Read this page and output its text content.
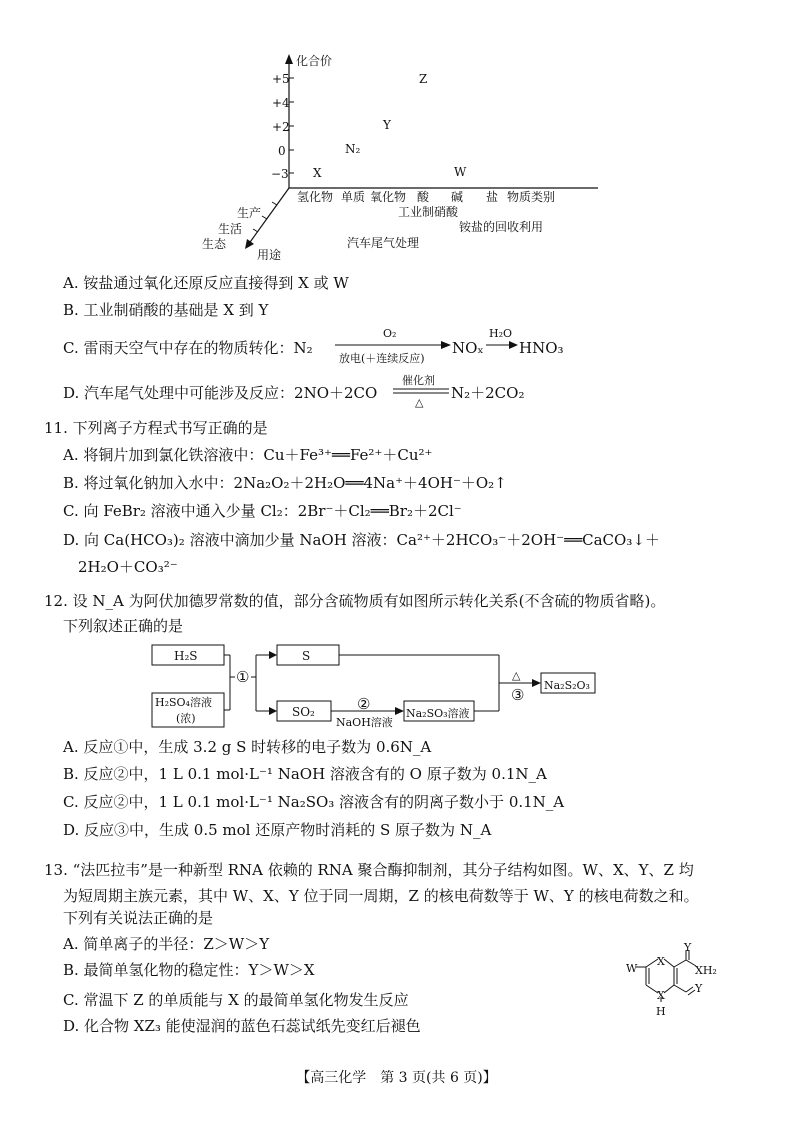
化合价
+5
+4
+2
0
−3
Z
Y
N₂
X	W
氢化物 单质 氧化物 酸 碱 盐 物质类别
生产
生活
生态
用途
工业制硝酸
铵盐的回收利用
汽车尾气处理
A. 铵盐通过氧化还原反应直接得到 X 或 W
B. 工业制硝酸的基础是 X 到 Y
C. 雷雨天空气中存在的物质转化：N₂
O₂
放电(＋连续反应)
NOₓ
H₂O
→ HNO₃
D. 汽车尾气处理中可能涉及反应：2NO＋2CO
催化剂
△
N₂＋2CO₂
11. 下列离子方程式书写正确的是
A. 将铜片加到氯化铁溶液中：Cu＋Fe³⁺══Fe²⁺＋Cu²⁺
B. 将过氧化钠加入水中：2Na₂O₂＋2H₂O══4Na⁺＋4OH⁻＋O₂↑
C. 向 FeBr₂ 溶液中通入少量 Cl₂：2Br⁻＋Cl₂══Br₂＋2Cl⁻
D. 向 Ca(HCO₃)₂ 溶液中滴加少量 NaOH 溶液：Ca²⁺＋2HCO₃⁻＋2OH⁻══CaCO₃↓＋
2H₂O＋CO₃²⁻
12. 设 N_A 为阿伏加德罗常数的值，部分含硫物质有如图所示转化关系(不含硫的物质省略)。
下列叙述正确的是
H₂S
H₂SO₄溶液
(浓)
①
S
SO₂	②
NaOH溶液
Na₂SO₃溶液
△
③
Na₂S₂O₃
A. 反应①中，生成 3.2 g S 时转移的电子数为 0.6N_A
B. 反应②中，1 L 0.1 mol·L⁻¹ NaOH 溶液含有的 O 原子数为 0.1N_A
C. 反应②中，1 L 0.1 mol·L⁻¹ Na₂SO₃ 溶液含有的阴离子数小于 0.1N_A
D. 反应③中，生成 0.5 mol 还原产物时消耗的 S 原子数为 N_A
13. “法匹拉韦”是一种新型 RNA 依赖的 RNA 聚合酶抑制剂，其分子结构如图。W、X、Y、Z 均
为短周期主族元素，其中 W、X、Y 位于同一周期，Z 的核电荷数等于 W、Y 的核电荷数之和。
下列有关说法正确的是
A. 简单离子的半径：Z＞W＞Y
B. 最简单氢化物的稳定性：Y＞W＞X
C. 常温下 Z 的单质能与 X 的最简单氢化物发生反应
D. 化合物 XZ₃ 能使湿润的蓝色石蕊试纸先变红后褪色
W
X
X
Y
Y
XH₂
H
【高三化学　第 3 页(共 6 页)】
